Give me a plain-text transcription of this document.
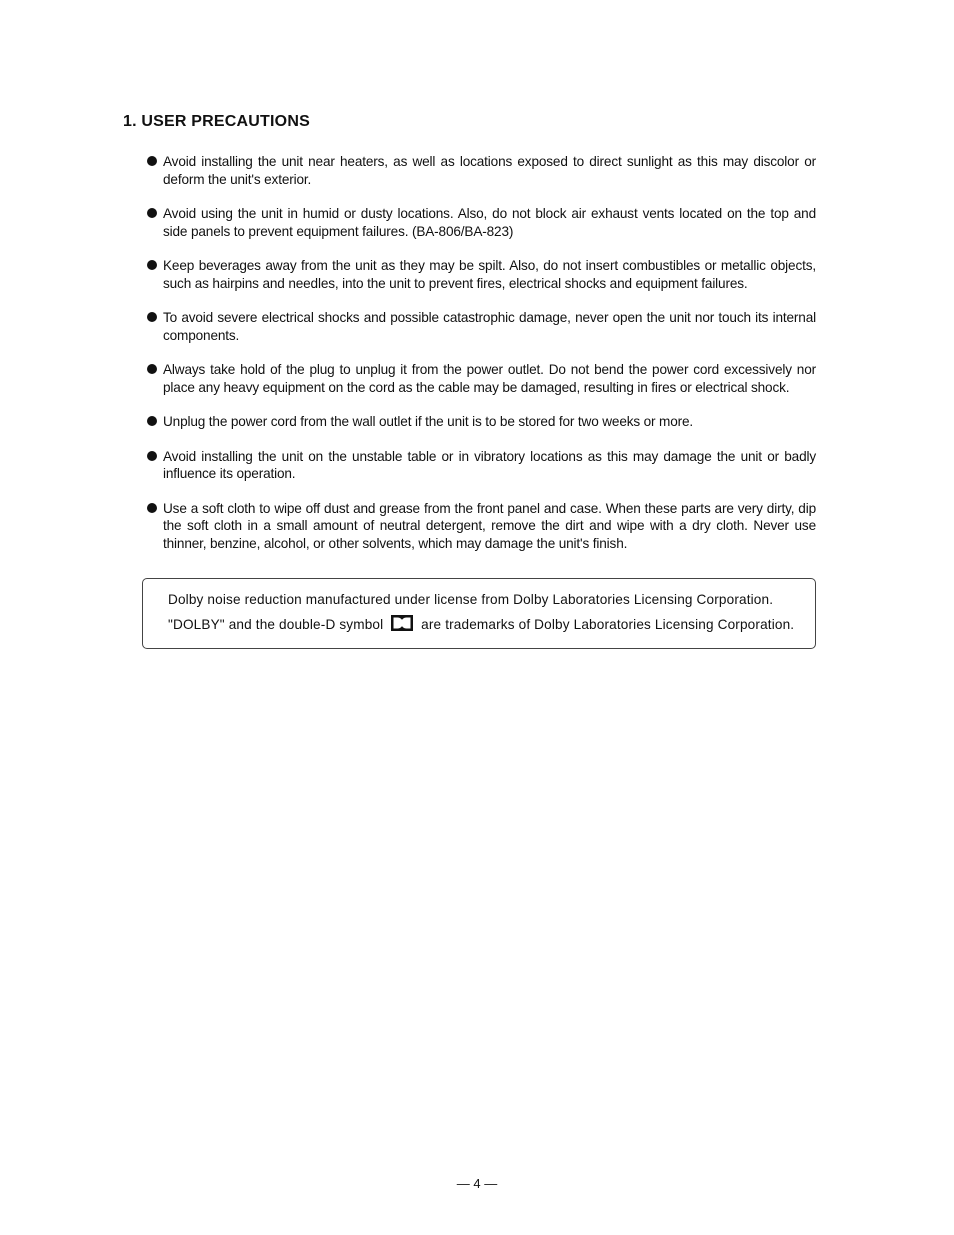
1. USER PRECAUTIONS
Avoid installing the unit near heaters, as well as locations exposed to direct sunlight as this may discolor or deform the unit's exterior.
Avoid using the unit in humid or dusty locations. Also, do not block air exhaust vents located on the top and side panels to prevent equipment failures. (BA-806/BA-823)
Keep beverages away from the unit as they may be spilt. Also, do not insert combustibles or metallic objects, such as hairpins and needles, into the unit to prevent fires, electrical shocks and equipment failures.
To avoid severe electrical shocks and possible catastrophic damage, never open the unit nor touch its internal components.
Always take hold of the plug to unplug it from the power outlet. Do not bend the power cord excessively nor place any heavy equipment on the cord as the cable may be damaged, resulting in fires or electrical shock.
Unplug the power cord from the wall outlet if the unit is to be stored for two weeks or more.
Avoid installing the unit on the unstable table or in vibratory locations as this may damage the unit or badly influence its operation.
Use a soft cloth to wipe off dust and grease from the front panel and case. When these parts are very dirty, dip the soft cloth in a small amount of neutral detergent, remove the dirt and wipe with a dry cloth. Never use thinner, benzine, alcohol, or other solvents, which may damage the unit's finish.
Dolby noise reduction manufactured under license from Dolby Laboratories Licensing Corporation.
"DOLBY" and the double-D symbol	are trademarks of Dolby Laboratories Licensing Corporation.
— 4 —
